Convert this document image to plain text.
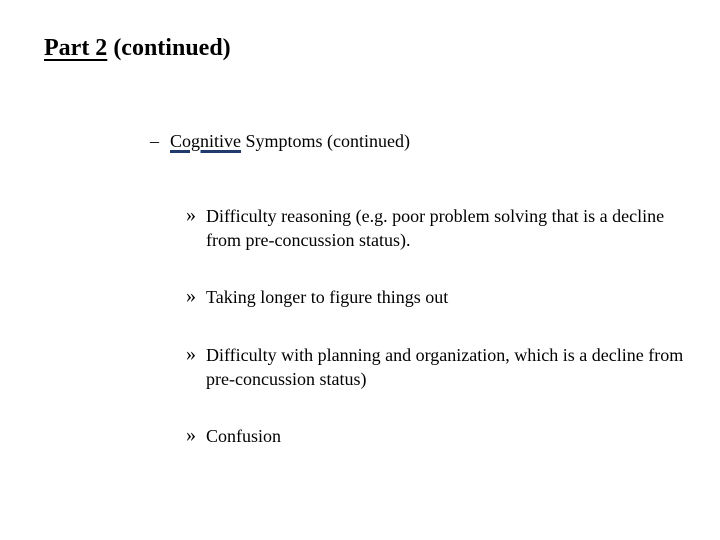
Part 2 (continued)
– Cognitive Symptoms (continued)
» Difficulty reasoning (e.g. poor problem solving that is a decline from pre-concussion status).
» Taking longer to figure things out
» Difficulty with planning and organization, which is a decline from pre-concussion status)
» Confusion
